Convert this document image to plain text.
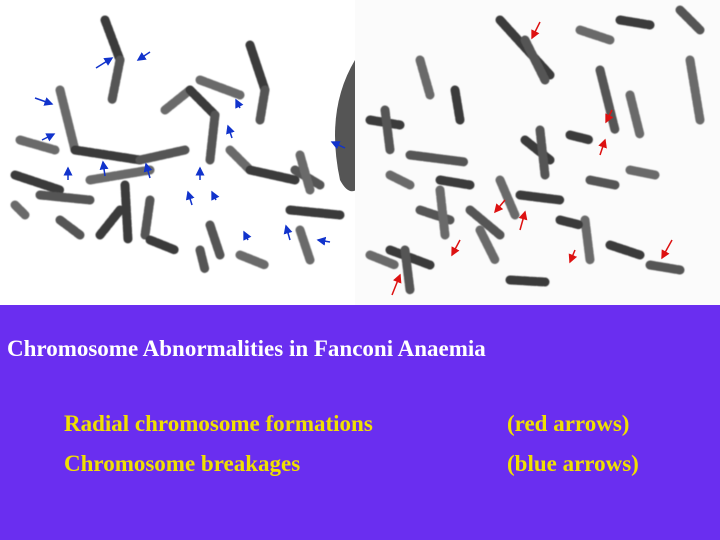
Chromosome Abnormalities in Fanconi Anaemia
Radial chromosome formations	(red arrows)
Chromosome breakages	(blue arrows)
